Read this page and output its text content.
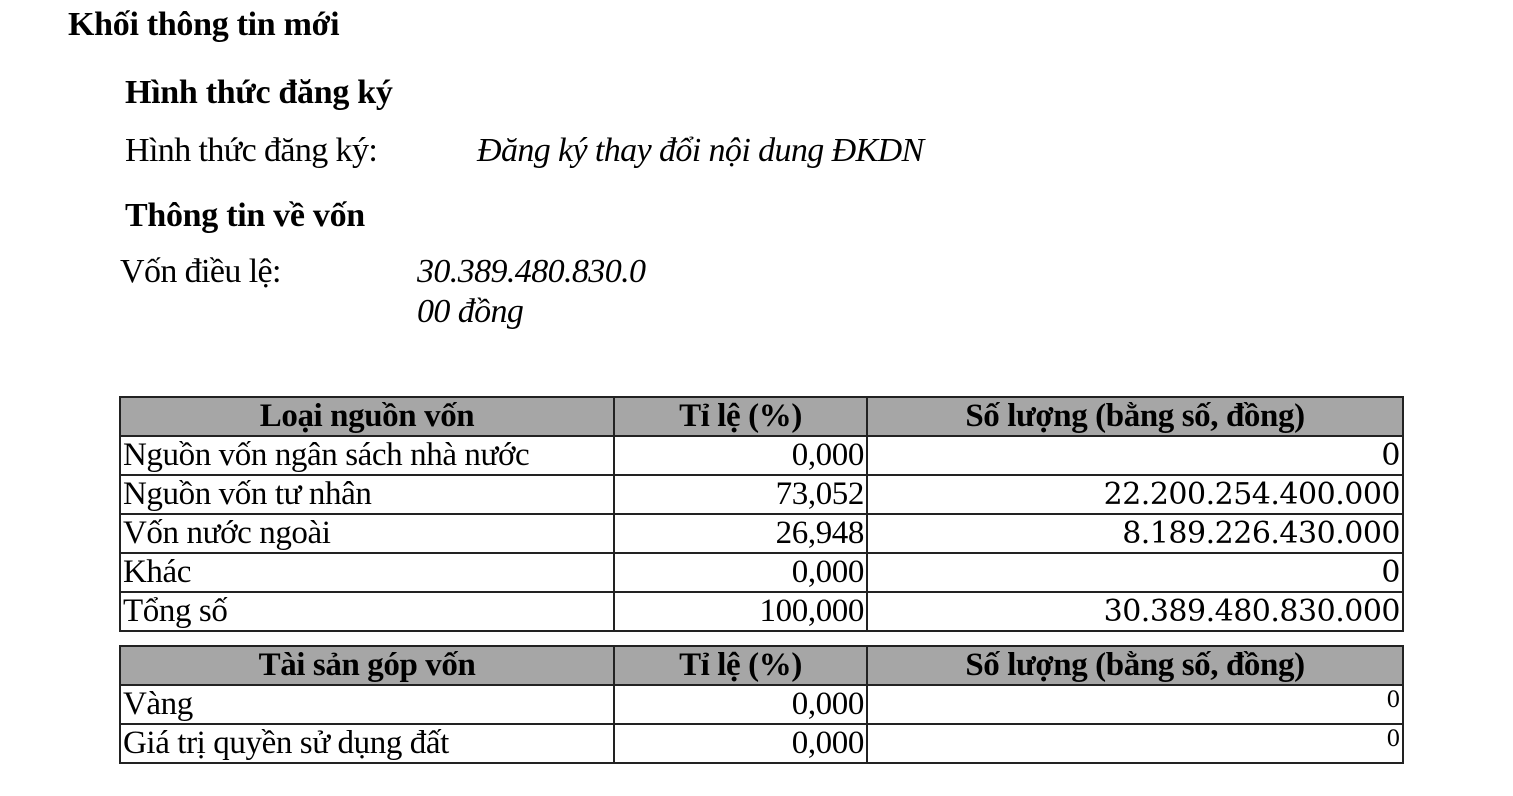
Khối thông tin mới
Hình thức đăng ký
Hình thức đăng ký:	Đăng ký thay đổi nội dung ĐKDN
Thông tin về vốn
Vốn điều lệ:	30.389.480.830.0
00 đồng
Loại nguồn vốn	Tỉ lệ (%)	Số lượng (bằng số, đồng)
Nguồn vốn ngân sách nhà nước	0,000	0
Nguồn vốn tư nhân	73,052	22.200.254.400.000
Vốn nước ngoài	26,948	8.189.226.430.000
Khác	0,000	0
Tổng số	100,000	30.389.480.830.000
Tài sản góp vốn	Tỉ lệ (%)	Số lượng (bằng số, đồng)
Vàng	0,000	0
Giá trị quyền sử dụng đất	0,000	0
